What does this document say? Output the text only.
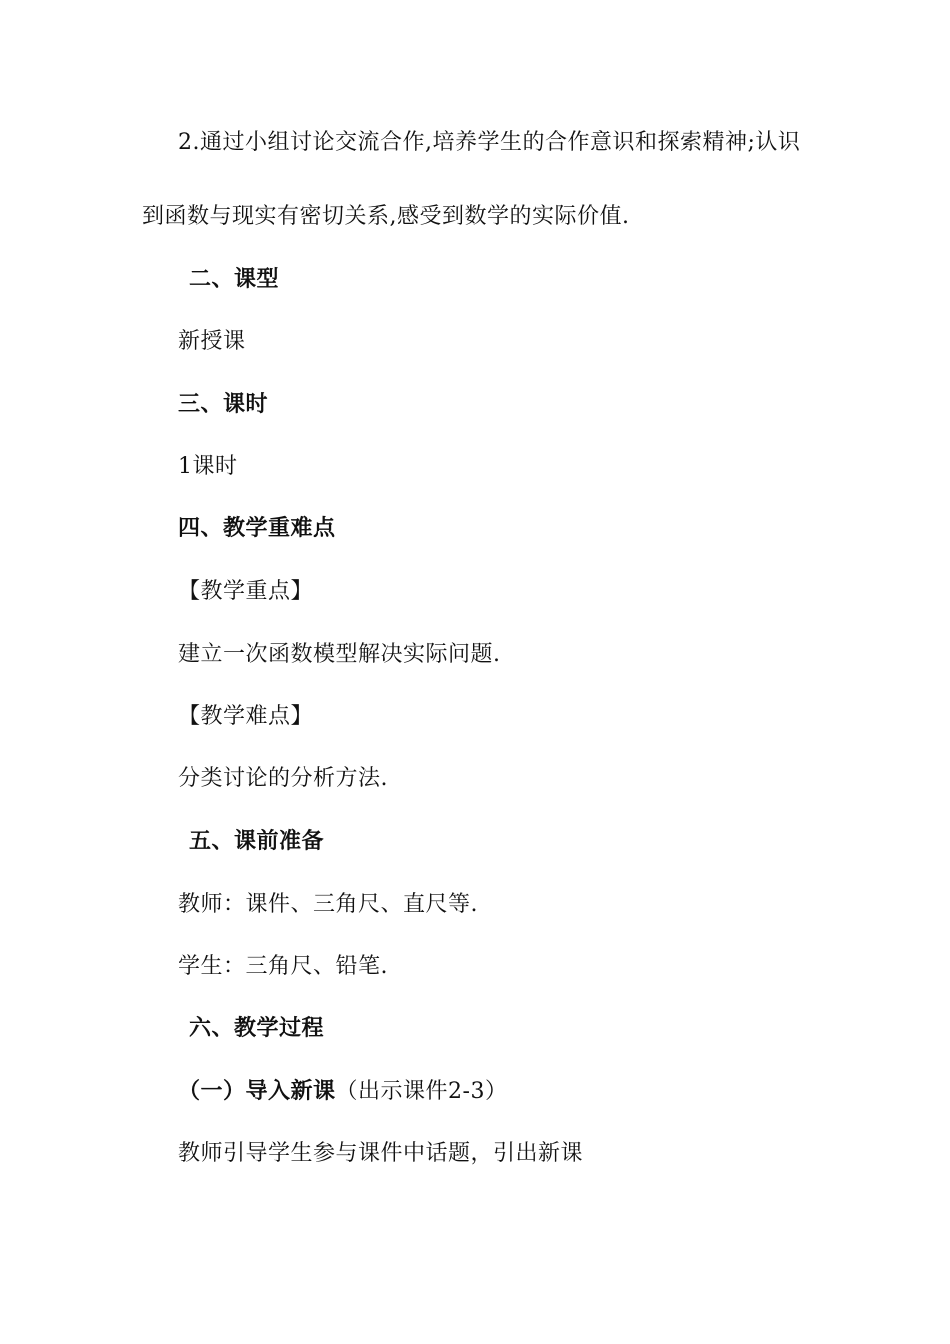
2.通过小组讨论交流合作,培养学生的合作意识和探索精神;认识
到函数与现实有密切关系,感受到数学的实际价值.
二、课型
新授课
三、课时
1课时
四、教学重难点
【教学重点】
建立一次函数模型解决实际问题.
【教学难点】
分类讨论的分析方法.
五、课前准备
教师：课件、三角尺、直尺等.
学生：三角尺、铅笔.
六、教学过程
（一）导入新课（出示课件2-3）
教师引导学生参与课件中话题，引出新课
